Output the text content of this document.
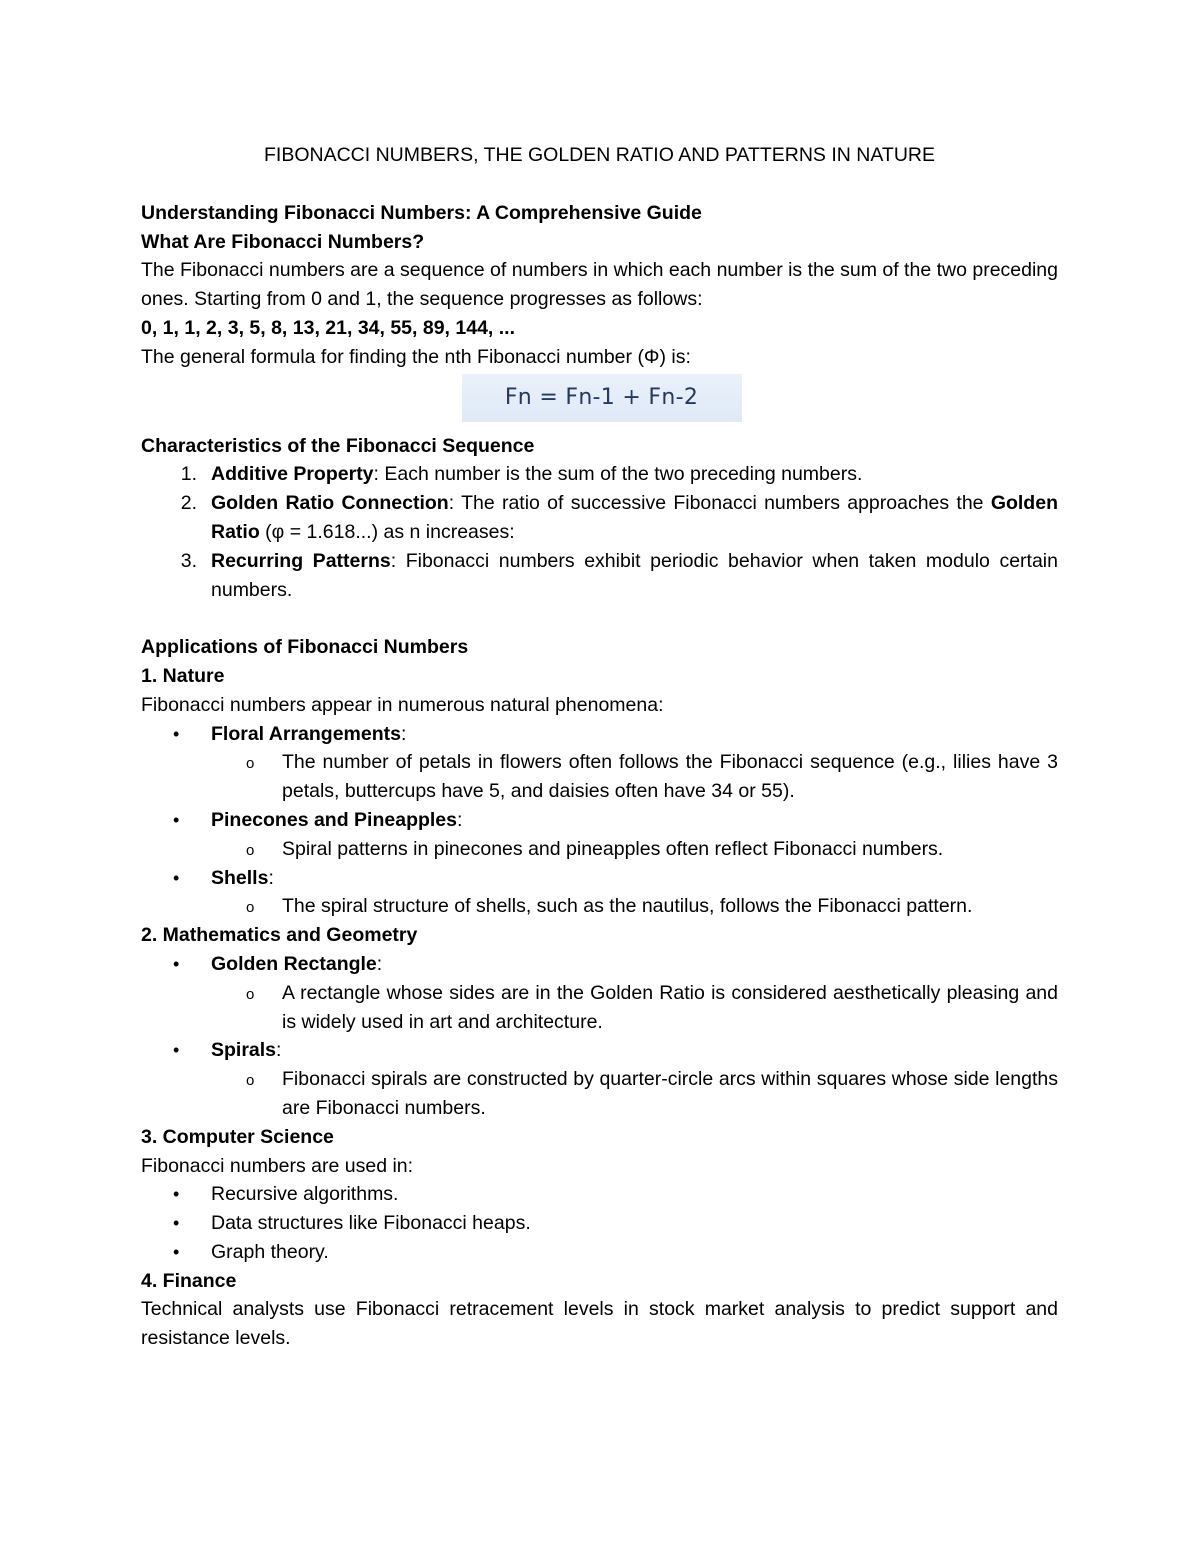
FIBONACCI NUMBERS, THE GOLDEN RATIO AND PATTERNS IN NATURE

Understanding Fibonacci Numbers: A Comprehensive Guide

What Are Fibonacci Numbers?

The Fibonacci numbers are a sequence of numbers in which each number is the sum of the two preceding ones. Starting from 0 and 1, the sequence progresses as follows:

0, 1, 1, 2, 3, 5, 8, 13, 21, 34, 55, 89, 144, ...

The general formula for finding the nth Fibonacci number (Φ) is:

Fn = Fn-1 + Fn-2

Characteristics of the Fibonacci Sequence

1. Additive Property: Each number is the sum of the two preceding numbers.
2. Golden Ratio Connection: The ratio of successive Fibonacci numbers approaches the Golden Ratio (φ = 1.618...) as n increases:
3. Recurring Patterns: Fibonacci numbers exhibit periodic behavior when taken modulo certain numbers.

Applications of Fibonacci Numbers

1. Nature

Fibonacci numbers appear in numerous natural phenomena:

• Floral Arrangements:
o The number of petals in flowers often follows the Fibonacci sequence (e.g., lilies have 3 petals, buttercups have 5, and daisies often have 34 or 55).
• Pinecones and Pineapples:
o Spiral patterns in pinecones and pineapples often reflect Fibonacci numbers.
• Shells:
o The spiral structure of shells, such as the nautilus, follows the Fibonacci pattern.

2. Mathematics and Geometry

• Golden Rectangle:
o A rectangle whose sides are in the Golden Ratio is considered aesthetically pleasing and is widely used in art and architecture.
• Spirals:
o Fibonacci spirals are constructed by quarter-circle arcs within squares whose side lengths are Fibonacci numbers.

3. Computer Science

Fibonacci numbers are used in:

• Recursive algorithms.
• Data structures like Fibonacci heaps.
• Graph theory.

4. Finance

Technical analysts use Fibonacci retracement levels in stock market analysis to predict support and resistance levels.
